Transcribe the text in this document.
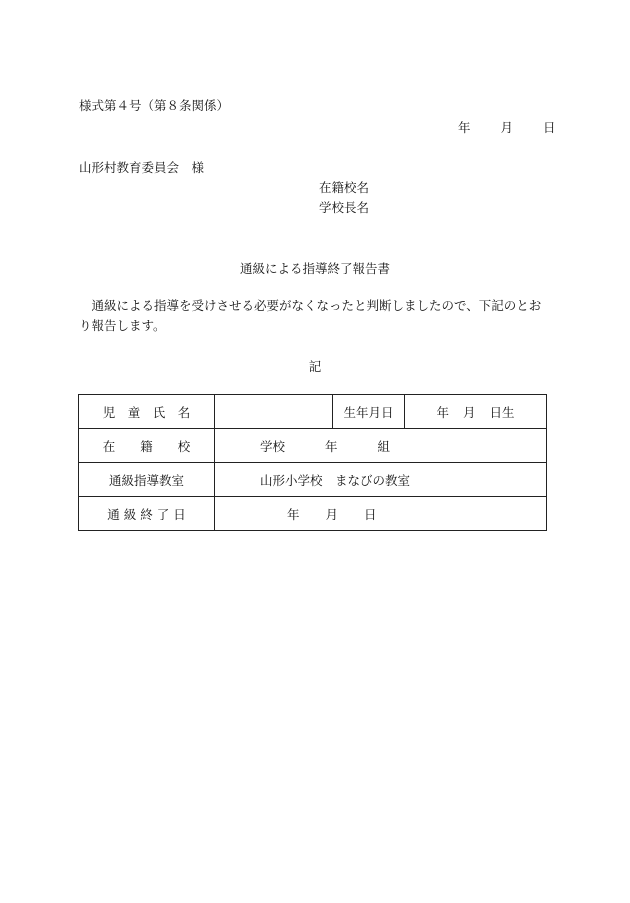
様式第４号（第８条関係）
年 月 日
山形村教育委員会　様
在籍校名
学校長名
通級による指導終了報告書
　通級による指導を受けさせる必要がなくなったと判断しましたので、下記のとおり報告します。
記
児　童　氏　名		生年月日	年 月 日生
在　　籍　　校	学校 年 組		
通級指導教室	山形小学校　まなびの教室		
通 級 終 了 日	年 月 日		
